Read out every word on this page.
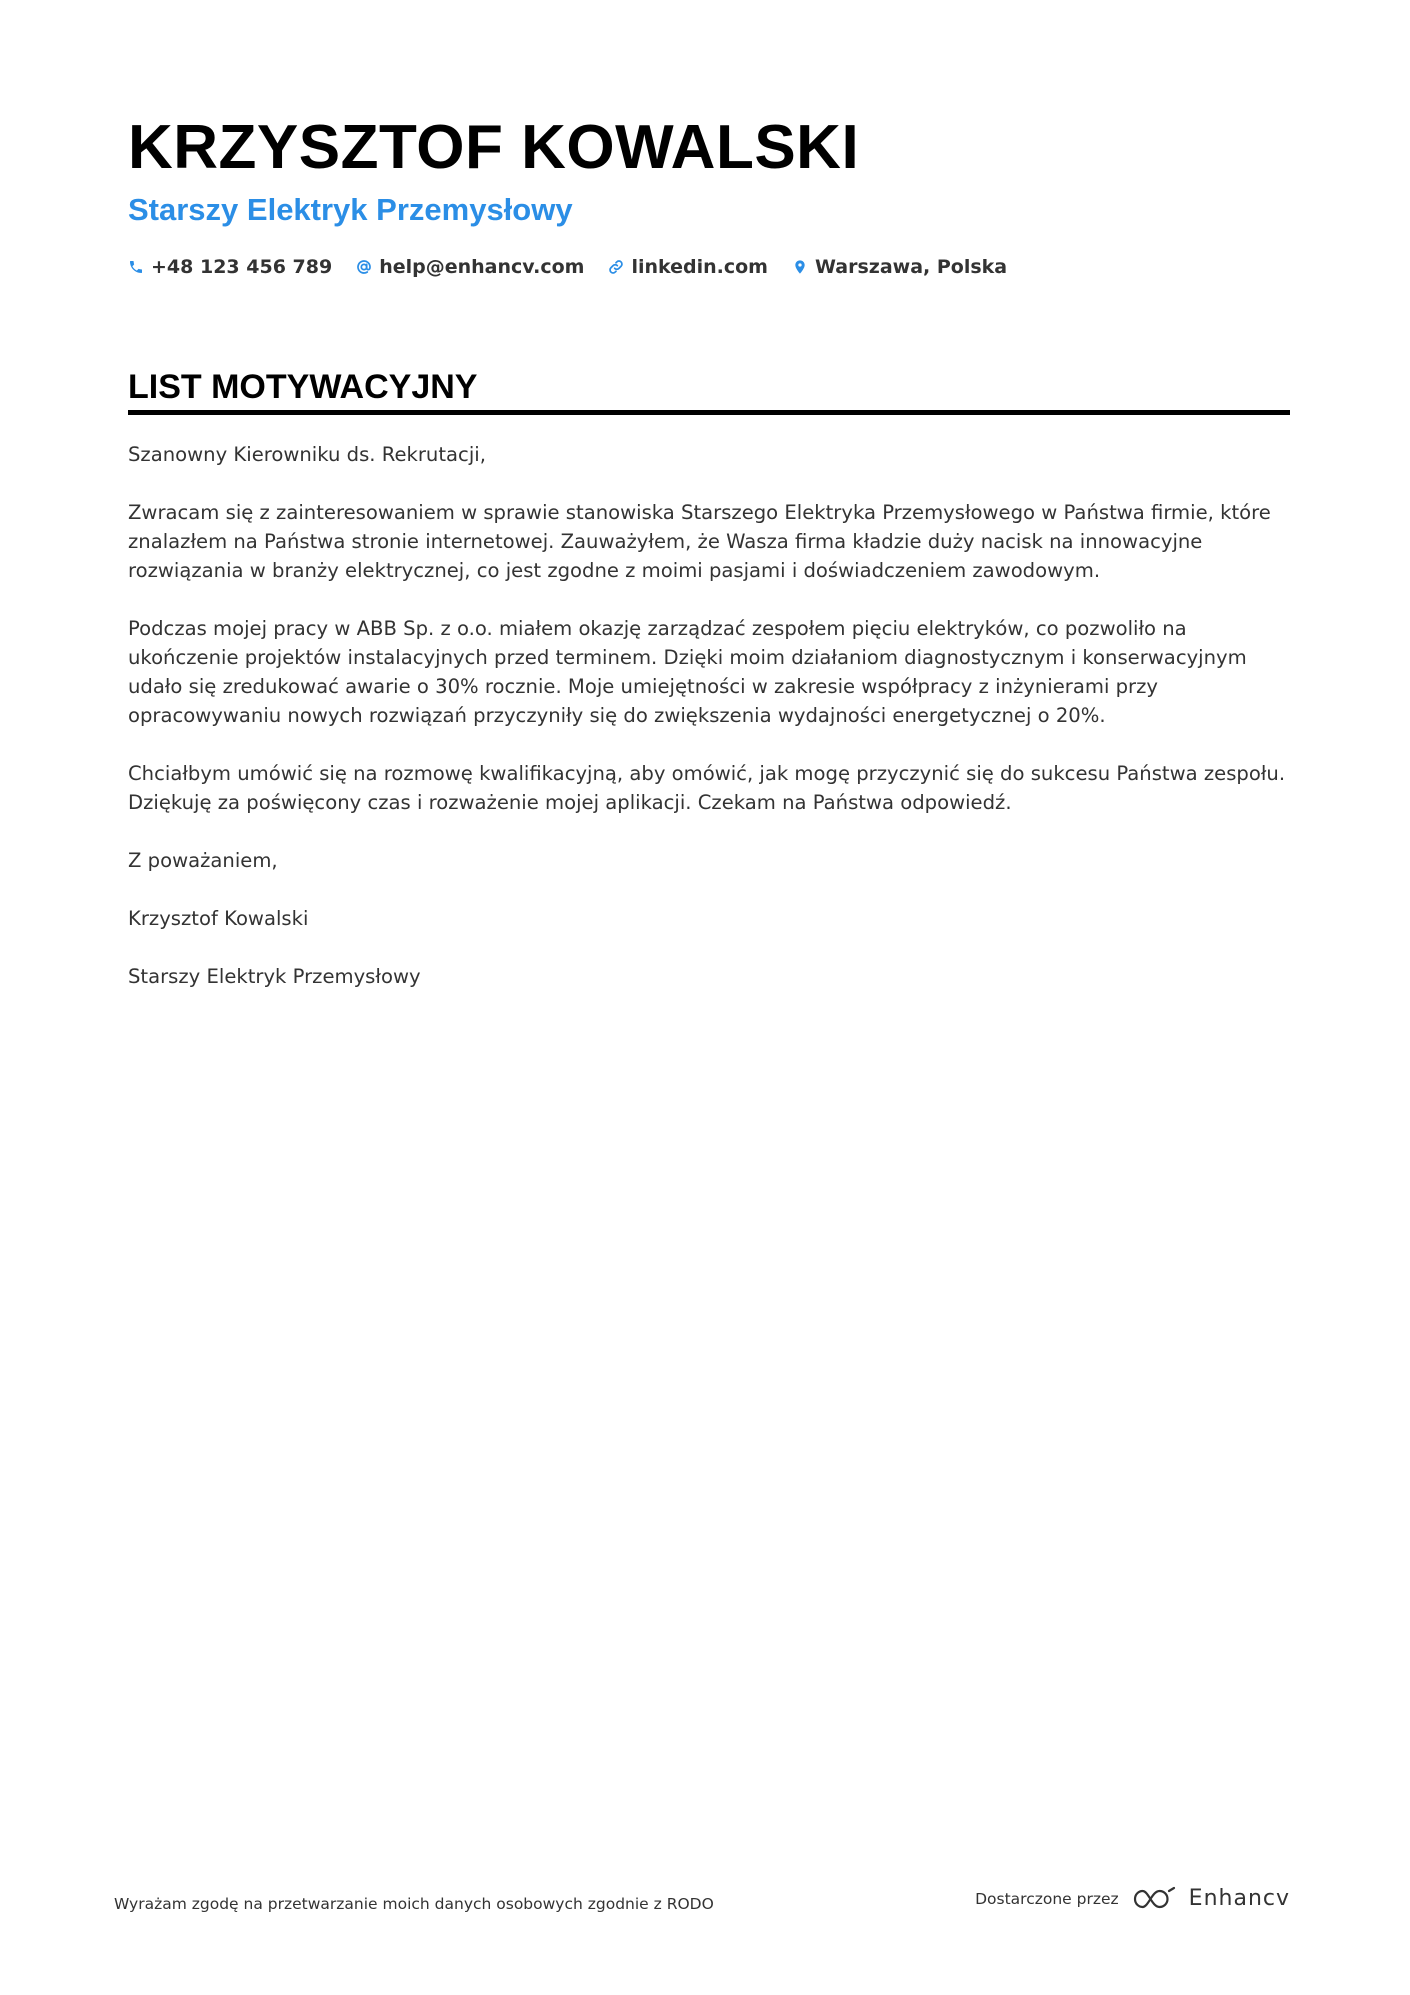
KRZYSZTOF KOWALSKI
Starszy Elektryk Przemysłowy
+48 123 456 789 help@enhancv.com linkedin.com Warszawa, Polska
LIST MOTYWACYJNY

Szanowny Kierowniku ds. Rekrutacji,

Zwracam się z zainteresowaniem w sprawie stanowiska Starszego Elektryka Przemysłowego w Państwa firmie, które znalazłem na Państwa stronie internetowej. Zauważyłem, że Wasza firma kładzie duży nacisk na innowacyjne rozwiązania w branży elektrycznej, co jest zgodne z moimi pasjami i doświadczeniem zawodowym.

Podczas mojej pracy w ABB Sp. z o.o. miałem okazję zarządzać zespołem pięciu elektryków, co pozwoliło na ukończenie projektów instalacyjnych przed terminem. Dzięki moim działaniom diagnostycznym i konserwacyjnym udało się zredukować awarie o 30% rocznie. Moje umiejętności w zakresie współpracy z inżynierami przy opracowywaniu nowych rozwiązań przyczyniły się do zwiększenia wydajności energetycznej o 20%.

Chciałbym umówić się na rozmowę kwalifikacyjną, aby omówić, jak mogę przyczynić się do sukcesu Państwa zespołu. Dziękuję za poświęcony czas i rozważenie mojej aplikacji. Czekam na Państwa odpowiedź.

Z poważaniem,

Krzysztof Kowalski

Starszy Elektryk Przemysłowy

Wyrażam zgodę na przetwarzanie moich danych osobowych zgodnie z RODO	Dostarczone przez	Enhancv
